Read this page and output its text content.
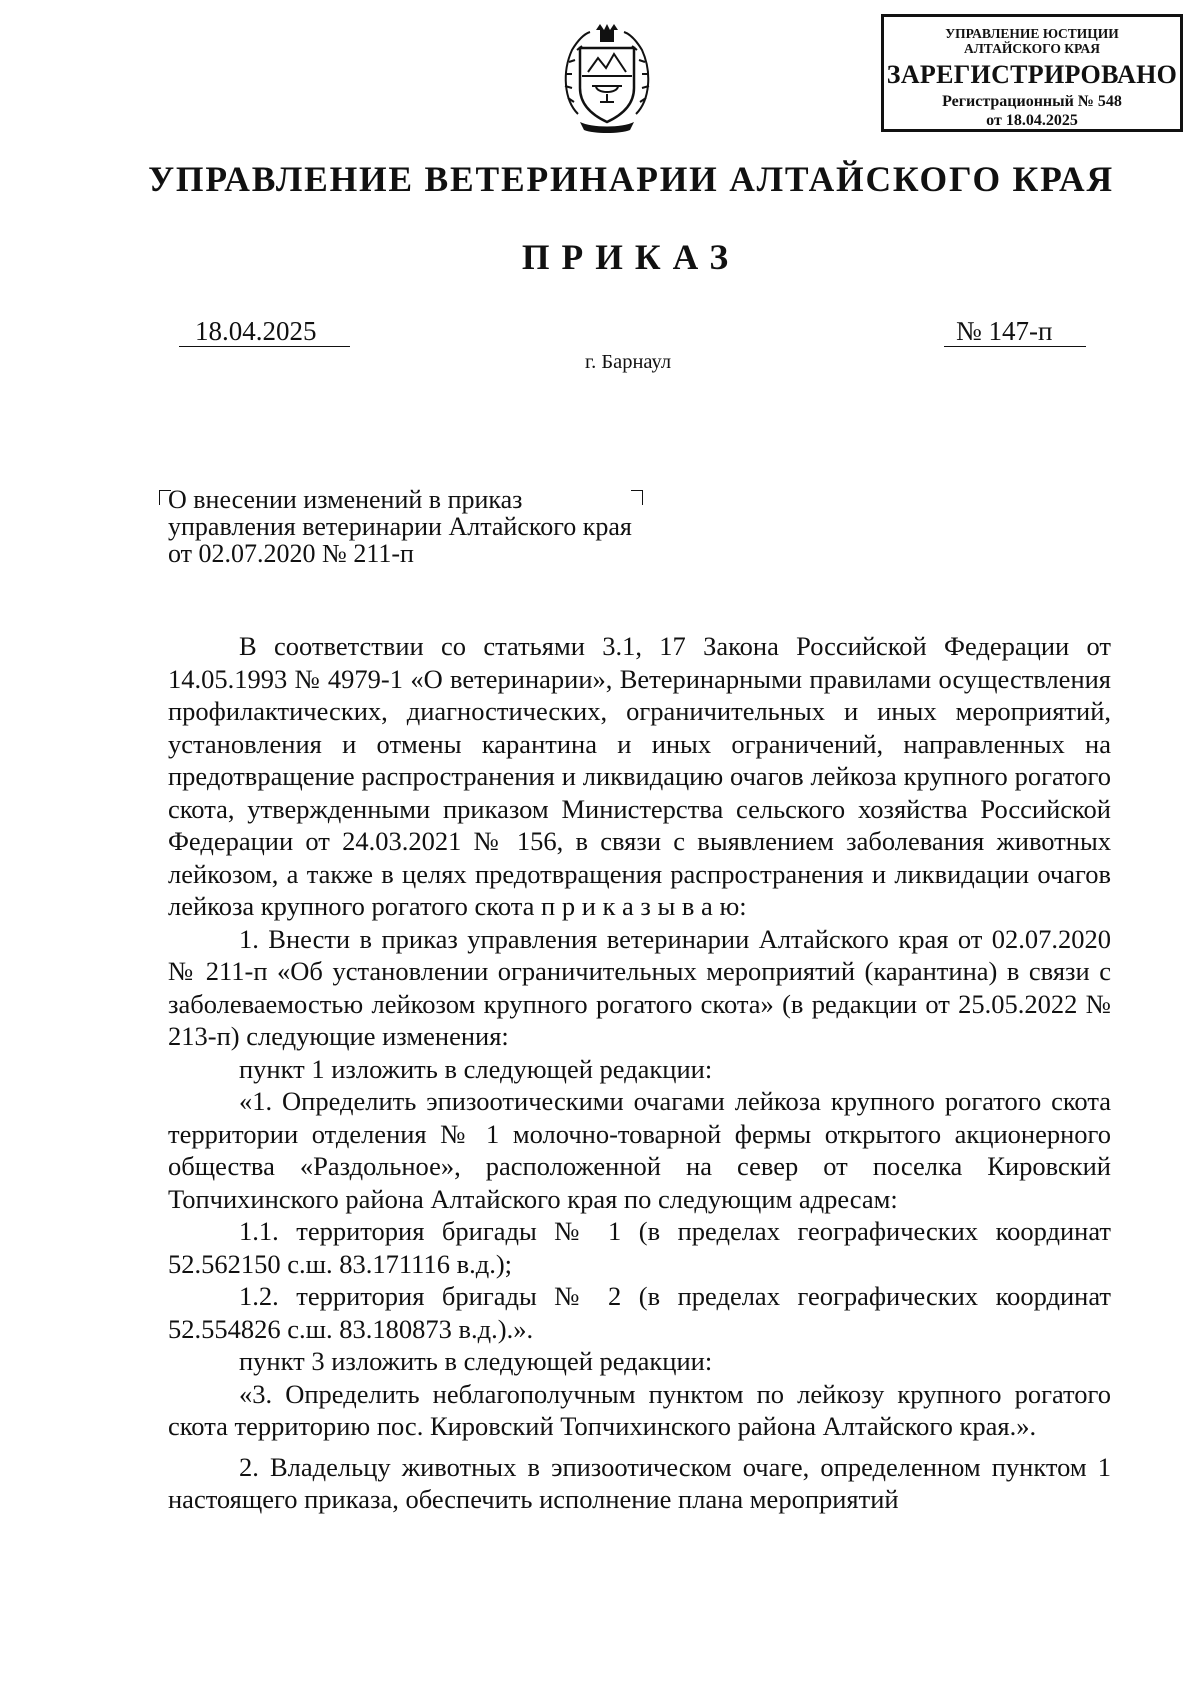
УПРАВЛЕНИЕ ЮСТИЦИИ
АЛТАЙСКОГО КРАЯ
ЗАРЕГИСТРИРОВАНО
Регистрационный № 548
от 18.04.2025
УПРАВЛЕНИЕ ВЕТЕРИНАРИИ АЛТАЙСКОГО КРАЯ
ПРИКАЗ
18.04.2025	№ 147-п
г. Барнаул
О внесении изменений в приказ управления ветеринарии Алтайского края от 02.07.2020 № 211-п

В соответствии со статьями 3.1, 17 Закона Российской Федерации от 14.05.1993 № 4979-1 «О ветеринарии», Ветеринарными правилами осуществления профилактических, диагностических, ограничительных и иных мероприятий, установления и отмены карантина и иных ограничений, направленных на предотвращение распространения и ликвидацию очагов лейкоза крупного рогатого скота, утвержденными приказом Министерства сельского хозяйства Российской Федерации от 24.03.2021 № 156, в связи с выявлением заболевания животных лейкозом, а также в целях предотвращения распространения и ликвидации очагов лейкоза крупного рогатого скота п р и к а з ы в а ю:

1. Внести в приказ управления ветеринарии Алтайского края от 02.07.2020 № 211-п «Об установлении ограничительных мероприятий (карантина) в связи с заболеваемостью лейкозом крупного рогатого скота» (в редакции от 25.05.2022 № 213-п) следующие изменения:

пункт 1 изложить в следующей редакции:

«1. Определить эпизоотическими очагами лейкоза крупного рогатого скота территории отделения № 1 молочно-товарной фермы открытого акционерного общества «Раздольное», расположенной на север от поселка Кировский Топчихинского района Алтайского края по следующим адресам:

1.1. территория бригады № 1 (в пределах географических координат 52.562150 с.ш. 83.171116 в.д.);

1.2. территория бригады № 2 (в пределах географических координат 52.554826 с.ш. 83.180873 в.д.).».

пункт 3 изложить в следующей редакции:

«3. Определить неблагополучным пунктом по лейкозу крупного рогатого скота территорию пос. Кировский Топчихинского района Алтайского края.».

2. Владельцу животных в эпизоотическом очаге, определенном пунктом 1 настоящего приказа, обеспечить исполнение плана мероприятий
